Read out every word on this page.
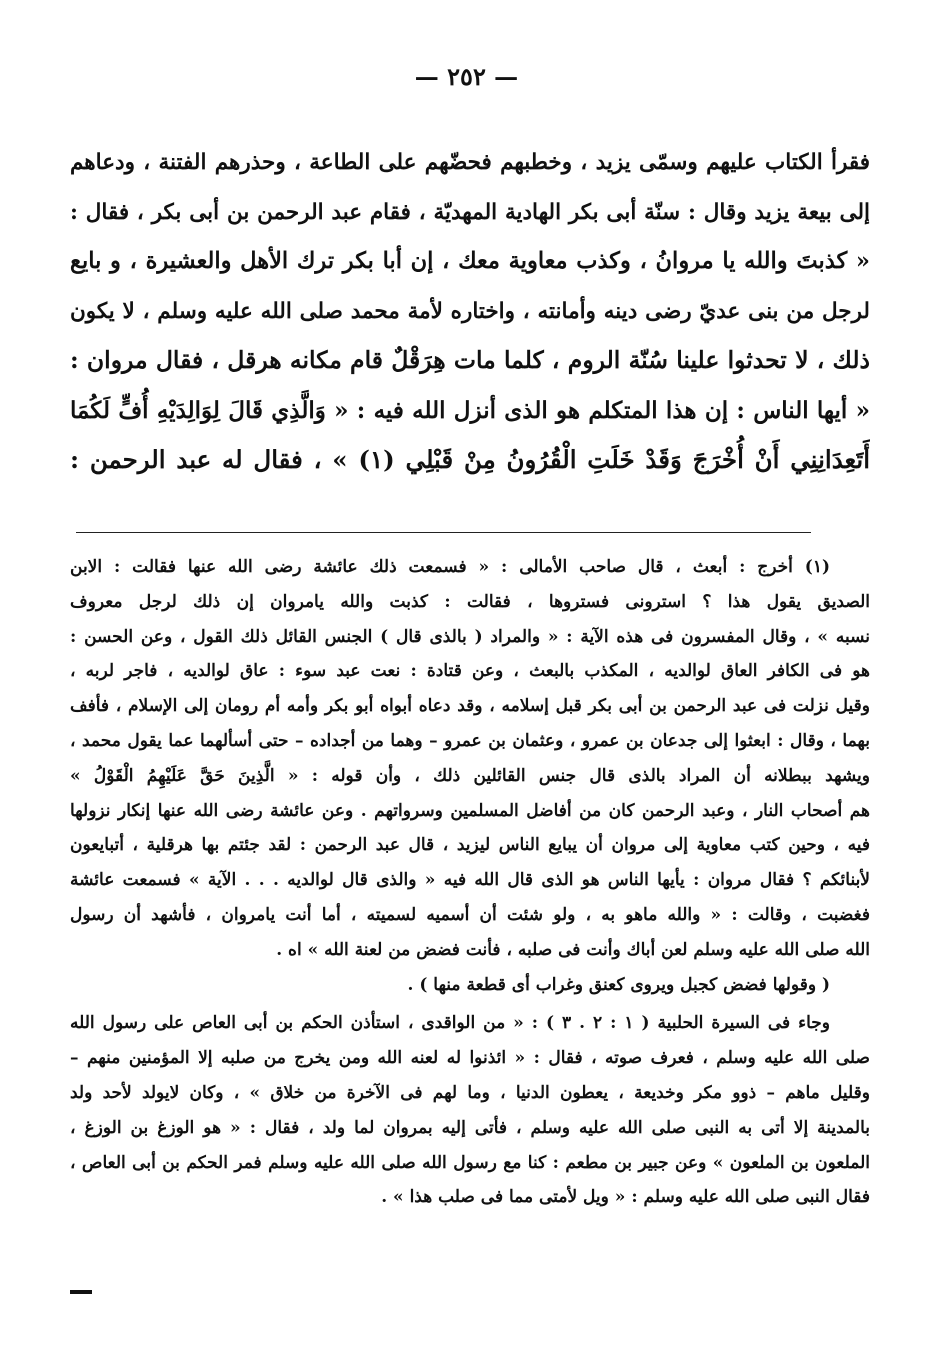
— ٢٥٢ —
فقرأ الكتاب عليهم وسمّى يزيد ، وخطبهم فحضّهم على الطاعة ، وحذرهم الفتنة ، ودعاهم
إلى بيعة يزيد وقال : سنّة أبى بكر الهادية المهديّة ، فقام عبد الرحمن بن أبى بكر ، فقال :
« كذبتَ والله يا مروانُ ، وكذب معاوية معك ، إن أبا بكر ترك الأهل والعشيرة ، و بايع
لرجل من بنى عديّ رضى دينه وأمانته ، واختاره لأمة محمد صلى الله عليه وسلم ، لا يكون
ذلك ، لا تحدثوا علينا سُنّة الروم ، كلما مات هِرَقْلٌ قام مكانه هرقل ، فقال مروان :
« أيها الناس : إن هذا المتكلم هو الذى أنزل الله فيه : « وَالَّذِي قَالَ لِوَالِدَيْهِ أُفٍّ لَكُمَا
أَتَعِدَانِنِي أَنْ أُخْرَجَ وَقَدْ خَلَتِ الْقُرُونُ مِنْ قَبْلِي (١) » ، فقال له عبد الرحمن :
(١) أخرج : أبعث ، قال صاحب الأمالى : « فسمعت ذلك عائشة رضى الله عنها فقالت : الابن
الصديق يقول هذا ؟ استرونى فستروها ، فقالت : كذبت والله يامروان إن ذلك لرجل معروف
نسبه » ، وقال المفسرون فى هذه الآية : « والمراد ( بالذى قال ) الجنس القائل ذلك القول ، وعن الحسن :
هو فى الكافر العاق لوالديه ، المكذب بالبعث ، وعن قتادة : نعت عبد سوء : عاق لوالديه ، فاجر لربه ،
وقيل نزلت فى عبد الرحمن بن أبى بكر قبل إسلامه ، وقد دعاه أبواه أبو بكر وأمه أم رومان إلى الإسلام ، فأفف
بهما ، وقال : ابعثوا إلى جدعان بن عمرو ، وعثمان بن عمرو – وهما من أجداده – حتى أسألهما عما يقول محمد ،
ويشهد ببطلانه أن المراد بالذى قال جنس القائلين ذلك ، وأن قوله : « الَّذِينَ حَقَّ عَلَيْهِمُ الْقَوْلُ »
هم أصحاب النار ، وعبد الرحمن كان من أفاضل المسلمين وسرواتهم . وعن عائشة رضى الله عنها إنكار نزولها
فيه ، وحين كتب معاوية إلى مروان أن يبايع الناس ليزيد ، قال عبد الرحمن : لقد جئتم بها هرقلية ، أتبايعون
لأبنائكم ؟ فقال مروان : يأيها الناس هو الذى قال الله فيه « والذى قال لوالديه . . . الآية » فسمعت عائشة
فغضبت ، وقالت : « والله ماهو به ، ولو شئت أن أسميه لسميته ، أما أنت يامروان ، فأشهد أن رسول
الله صلى الله عليه وسلم لعن أباك وأنت فى صلبه ، فأنت فضض من لعنة الله » اه .
( وقولها فضض كجبل ويروى كعنق وغراب أى قطعة منها ) .
وجاء فى السيرة الحلبية ( ١ : ٢ . ٣ ) : « من الواقدى ، استأذن الحكم بن أبى العاص على رسول الله
صلى الله عليه وسلم ، فعرف صوته ، فقال : « ائذنوا له لعنه الله ومن يخرج من صلبه إلا المؤمنين منهم –
وقليل ماهم – ذوو مكر وخديعة ، يعطون الدنيا ، وما لهم فى الآخرة من خلاق » ، وكان لايولد لأحد ولد
بالمدينة إلا أتى به النبى صلى الله عليه وسلم ، فأتى إليه بمروان لما ولد ، فقال : « هو الوزغ بن الوزغ ،
الملعون بن الملعون » وعن جبير بن مطعم : كنا مع رسول الله صلى الله عليه وسلم فمر الحكم بن أبى العاص ،
فقال النبى صلى الله عليه وسلم : « ويل لأمتى مما فى صلب هذا » .
